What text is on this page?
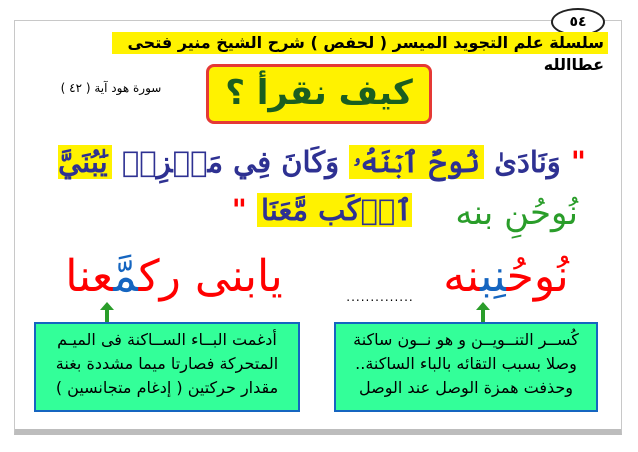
٥٤
سلسلة علم التجويد الميسر ( لحفص ) شرح الشيخ منير فتحى عطاالله
سورة هود آية ( ٤٢ )	كيف نقرأ ؟
" وَنَادَىٰ نُوحٌ ٱبۡنَهُۥ وَكَانَ فِي مَعۡزِلٖ يَٰبُنَيَّ ٱرۡكَب مَّعَنَا "	نُوحُنِ بنه
نُوحُنِبنه
يابنى ركمَّعنا	..............
أدغمت البــاء الســاكنة فى الميـم المتحركة فصارتا ميما مشددة بغنة مقدار حركتين ( إدغام متجانسين )
كُســر التنــويــن و هو نــون ساكنة وصلا بسبب التقائه بالباء الساكنة.. وحذفت همزة الوصل عند الوصل
